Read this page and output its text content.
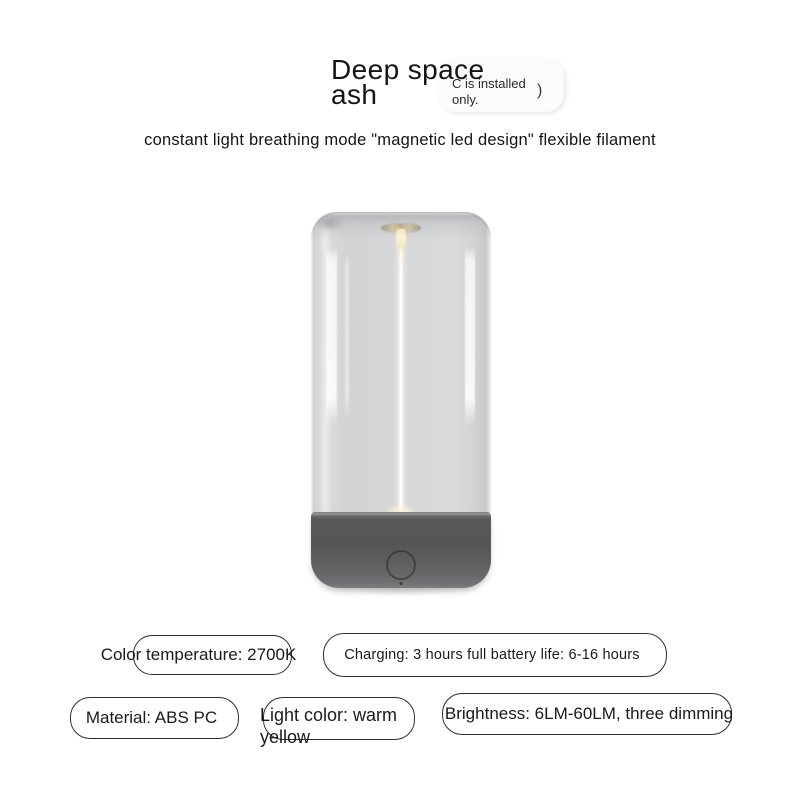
Deep space ash	C is installed only.
)
constant light breathing mode "magnetic led design" flexible filament
Color temperature: 2700K	Charging: 3 hours full battery life: 6-16 hours
Material: ABS PC Light color: warm yellow
Brightness: 6LM-60LM, three dimming
